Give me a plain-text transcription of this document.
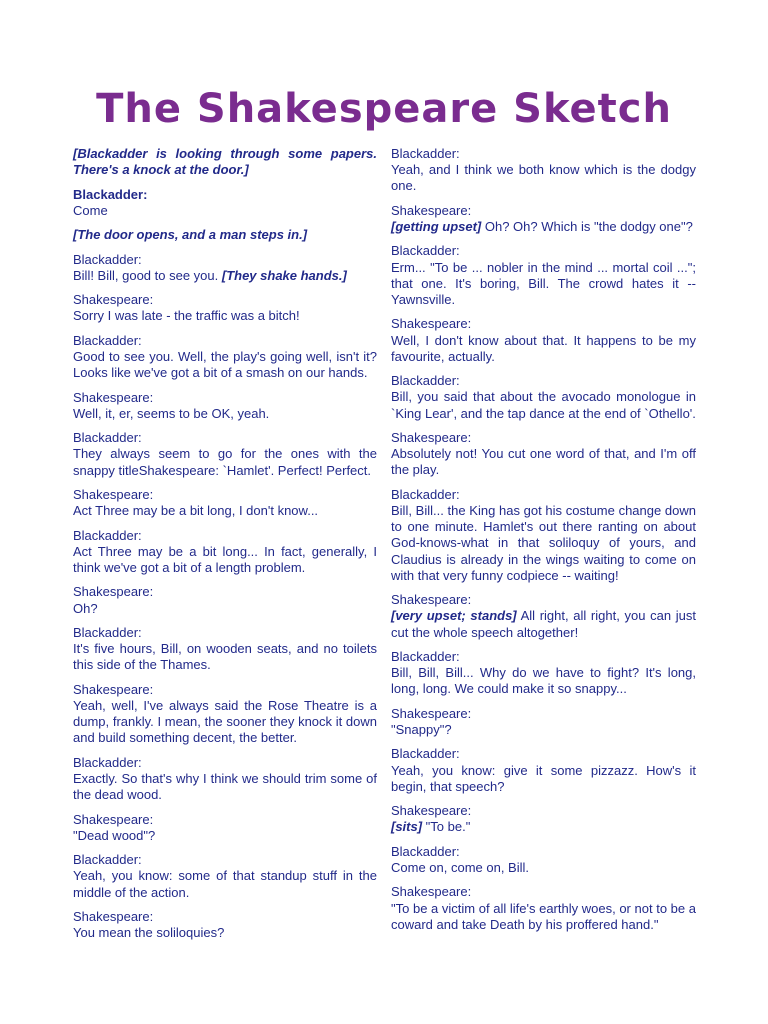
The Shakespeare Sketch
[Blackadder is looking through some papers. There's a knock at the door.]
Blackadder:
Come
[The door opens, and a man steps in.]
Blackadder:
Bill! Bill, good to see you. [They shake hands.]
Shakespeare:
Sorry I was late - the traffic was a bitch!
Blackadder:
Good to see you. Well, the play's going well, isn't it? Looks like we've got a bit of a smash on our hands.
Shakespeare:
Well, it, er, seems to be OK, yeah.
Blackadder:
They always seem to go for the ones with the snappy titleShakespeare: `Hamlet'. Perfect! Perfect.
Shakespeare:
Act Three may be a bit long, I don't know...
Blackadder:
Act Three may be a bit long... In fact, generally, I think we've got a bit of a length problem.
Shakespeare:
Oh?
Blackadder:
It's five hours, Bill, on wooden seats, and no toilets this side of the Thames.
Shakespeare:
Yeah, well, I've always said the Rose Theatre is a dump, frankly. I mean, the sooner they knock it down and build something decent, the better.
Blackadder:
Exactly. So that's why I think we should trim some of the dead wood.
Shakespeare:
"Dead wood"?
Blackadder:
Yeah, you know: some of that standup stuff in the middle of the action.
Shakespeare:
You mean the soliloquies?
Blackadder:
Yeah, and I think we both know which is the dodgy one.
Shakespeare:
[getting upset] Oh? Oh? Which is "the dodgy one"?
Blackadder:
Erm... "To be ... nobler in the mind ... mortal coil ..."; that one. It's boring, Bill. The crowd hates it -- Yawnsville.
Shakespeare:
Well, I don't know about that. It happens to be my favourite, actually.
Blackadder:
Bill, you said that about the avocado monologue in `King Lear', and the tap dance at the end of `Othello'.
Shakespeare:
Absolutely not! You cut one word of that, and I'm off the play.
Blackadder:
Bill, Bill... the King has got his costume change down to one minute. Hamlet's out there ranting on about God-knows-what in that soliloquy of yours, and Claudius is already in the wings waiting to come on with that very funny codpiece -- waiting!
Shakespeare:
[very upset; stands] All right, all right, you can just cut the whole speech altogether!
Blackadder:
Bill, Bill, Bill... Why do we have to fight? It's long, long, long. We could make it so snappy...
Shakespeare:
"Snappy"?
Blackadder:
Yeah, you know: give it some pizzazz. How's it begin, that speech?
Shakespeare:
[sits] "To be."
Blackadder:
Come on, come on, Bill.
Shakespeare:
"To be a victim of all life's earthly woes, or not to be a coward and take Death by his proffered hand."
